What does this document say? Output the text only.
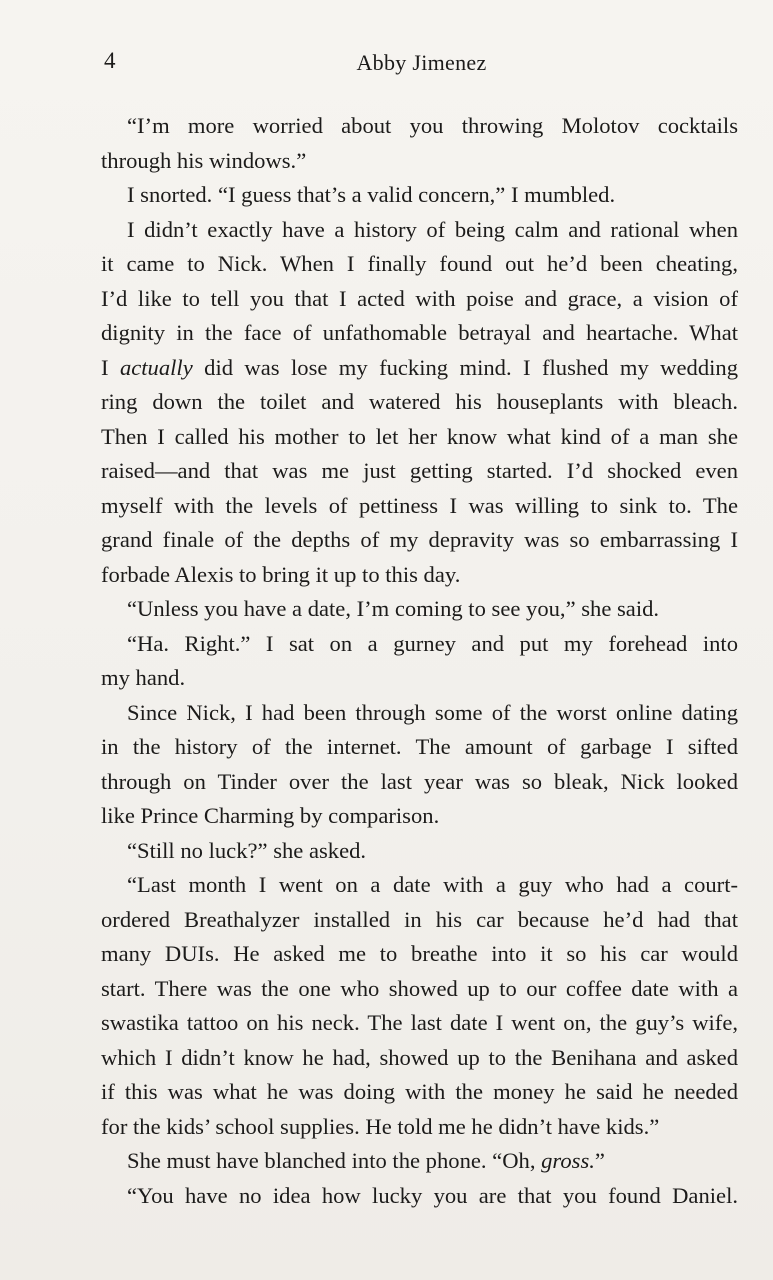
4	Abby Jimenez
“I’m more worried about you throwing Molotov cocktails
through his windows.”
I snorted. “I guess that’s a valid concern,” I mumbled.
I didn’t exactly have a history of being calm and rational when
it came to Nick. When I finally found out he’d been cheating,
I’d like to tell you that I acted with poise and grace, a vision of
dignity in the face of unfathomable betrayal and heartache. What
I actually did was lose my fucking mind. I flushed my wedding
ring down the toilet and watered his houseplants with bleach.
Then I called his mother to let her know what kind of a man she
raised—and that was me just getting started. I’d shocked even
myself with the levels of pettiness I was willing to sink to. The
grand finale of the depths of my depravity was so embarrassing I
forbade Alexis to bring it up to this day.
“Unless you have a date, I’m coming to see you,” she said.
“Ha. Right.” I sat on a gurney and put my forehead into
my hand.
Since Nick, I had been through some of the worst online dating
in the history of the internet. The amount of garbage I sifted
through on Tinder over the last year was so bleak, Nick looked
like Prince Charming by comparison.
“Still no luck?” she asked.
“Last month I went on a date with a guy who had a court-
ordered Breathalyzer installed in his car because he’d had that
many DUIs. He asked me to breathe into it so his car would
start. There was the one who showed up to our coffee date with a
swastika tattoo on his neck. The last date I went on, the guy’s wife,
which I didn’t know he had, showed up to the Benihana and asked
if this was what he was doing with the money he said he needed
for the kids’ school supplies. He told me he didn’t have kids.”
She must have blanched into the phone. “Oh, gross.”
“You have no idea how lucky you are that you found Daniel.
